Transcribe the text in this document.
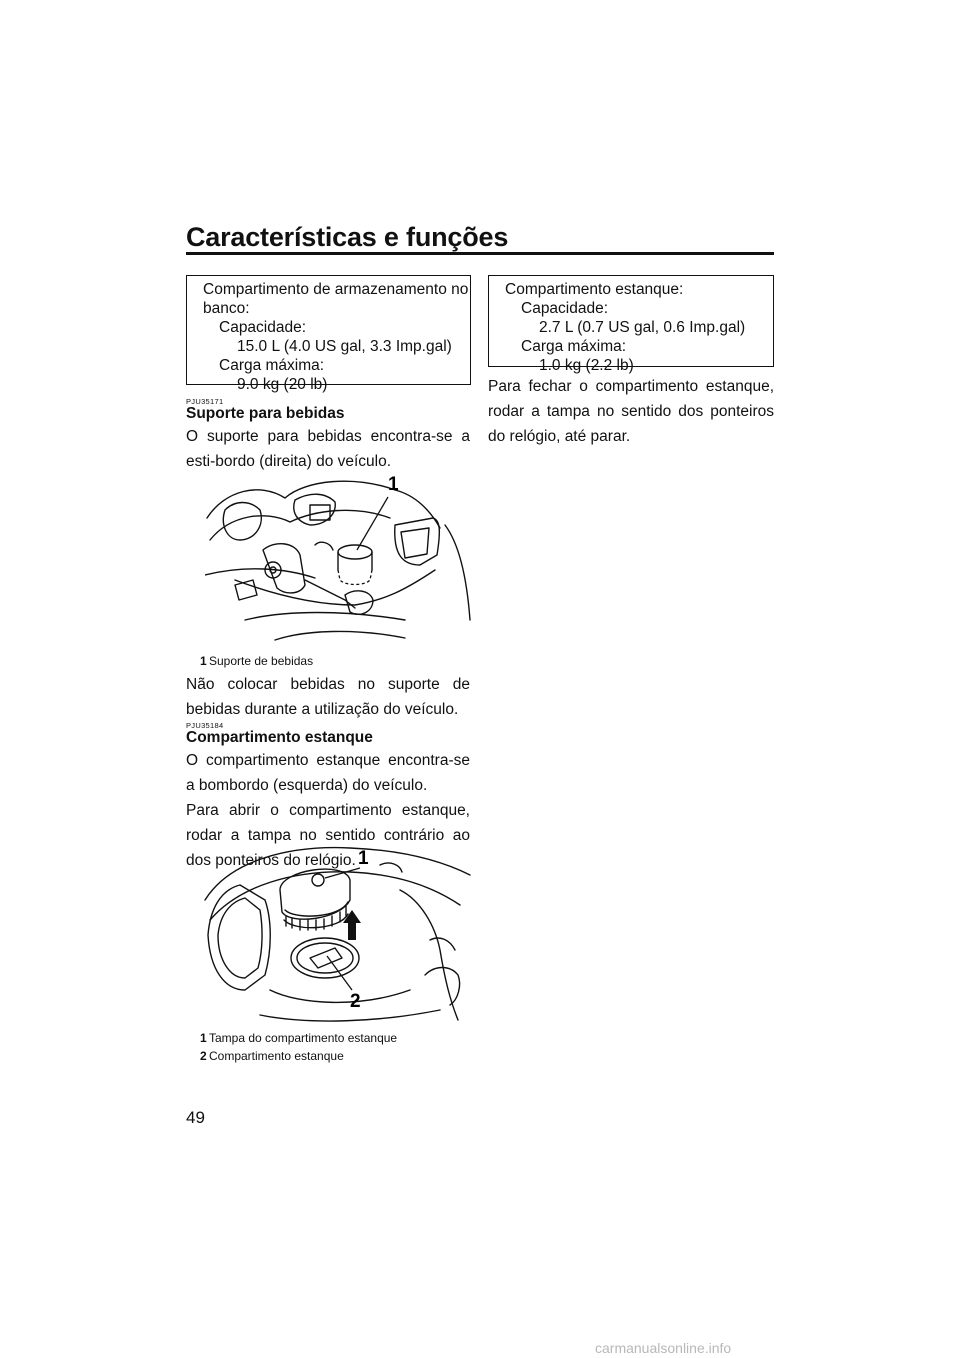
Características e funções
Compartimento de armazenamento no
banco:
Capacidade:
15.0 L (4.0 US gal, 3.3 Imp.gal)
Carga máxima:
9.0 kg (20 lb)
PJU35171
Suporte para bebidas
O suporte para bebidas encontra-se a esti-bordo (direita) do veículo.
1
1 Suporte de bebidas
Não colocar bebidas no suporte de bebidas durante a utilização do veículo.
PJU35184
Compartimento estanque
O compartimento estanque encontra-se a bombordo (esquerda) do veículo.
Para abrir o compartimento estanque, rodar a tampa no sentido contrário ao dos ponteiros do relógio. 1
2
1 Tampa do compartimento estanque
2 Compartimento estanque
Compartimento estanque:
Capacidade:
2.7 L (0.7 US gal, 0.6 Imp.gal)
Carga máxima:
1.0 kg (2.2 lb)
Para fechar o compartimento estanque, rodar a tampa no sentido dos ponteiros do relógio, até parar.
49
carmanualsonline.info
